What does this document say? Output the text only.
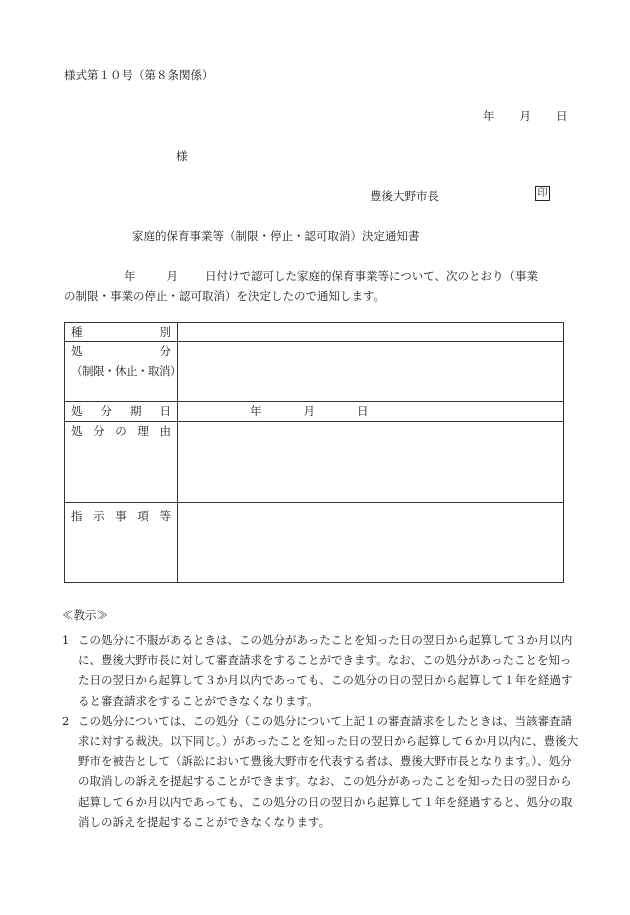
様式第１０号（第８条関係）
年 月 日
様
豊後大野市長	印
家庭的保育事業等（制限・停止・認可取消）決定通知書
年	月 日付けで認可した家庭的保育事業等について、次のとおり（事業
の制限・事業の停止・認可取消）を決定したので通知します。
種 別	

処 分
（制限・休止・取消）	

処 分 期 日	年 月 日

処 分 の 理 由	

指 示 事 項 等	

≪教示≫
1 この処分に不服があるときは、この処分があったことを知った日の翌日から起算して３か月以内に、豊後大野市長に対して審査請求をすることができます。なお、この処分があったことを知った日の翌日から起算して３か月以内であっても、この処分の日の翌日から起算して１年を経過すると審査請求をすることができなくなります。
2 この処分については、この処分（この処分について上記１の審査請求をしたときは、当該審査請求に対する裁決。以下同じ。）があったことを知った日の翌日から起算して６か月以内に、豊後大野市を被告として（訴訟において豊後大野市を代表する者は、豊後大野市長となります。）、処分の取消しの訴えを提起することができます。なお、この処分があったことを知った日の翌日から起算して６か月以内であっても、この処分の日の翌日から起算して１年を経過すると、処分の取消しの訴えを提起することができなくなります。
